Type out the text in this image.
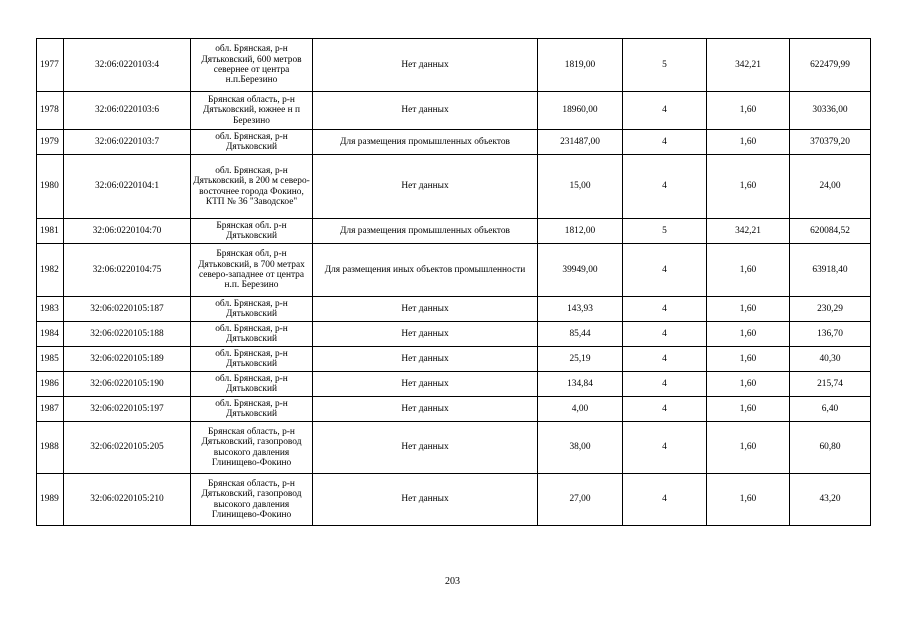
1977	32:06:0220103:4	обл. Брянская, р-н Дятьковский, 600 метров севернее от центра н.п.Березино	Нет данных	1819,00	5	342,21	622479,99
1978	32:06:0220103:6	Брянская область, р-н Дятьковский, южнее н п Березино	Нет данных	18960,00	4	1,60	30336,00
1979	32:06:0220103:7	обл. Брянская, р-н Дятьковский	Для размещения промышленных объектов	231487,00	4	1,60	370379,20
1980	32:06:0220104:1	обл. Брянская, р-н Дятьковский, в 200 м северо-восточнее города Фокино, КТП № 36 "Заводское"	Нет данных	15,00	4	1,60	24,00
1981	32:06:0220104:70	Брянская обл. р-н Дятьковский	Для размещения промышленных объектов	1812,00	5	342,21	620084,52
1982	32:06:0220104:75	Брянская обл, р-н Дятьковский, в 700 метрах северо-западнее от центра н.п. Березино	Для размещения иных объектов промышленности	39949,00	4	1,60	63918,40
1983	32:06:0220105:187	обл. Брянская, р-н Дятьковский	Нет данных	143,93	4	1,60	230,29
1984	32:06:0220105:188	обл. Брянская, р-н Дятьковский	Нет данных	85,44	4	1,60	136,70
1985	32:06:0220105:189	обл. Брянская, р-н Дятьковский	Нет данных	25,19	4	1,60	40,30
1986	32:06:0220105:190	обл. Брянская, р-н Дятьковский	Нет данных	134,84	4	1,60	215,74
1987	32:06:0220105:197	обл. Брянская, р-н Дятьковский	Нет данных	4,00	4	1,60	6,40
1988	32:06:0220105:205	Брянская область, р-н Дятьковский, газопровод высокого давления Глинищево-Фокино	Нет данных	38,00	4	1,60	60,80
1989	32:06:0220105:210	Брянская область, р-н Дятьковский, газопровод высокого давления Глинищево-Фокино	Нет данных	27,00	4	1,60	43,20
203
